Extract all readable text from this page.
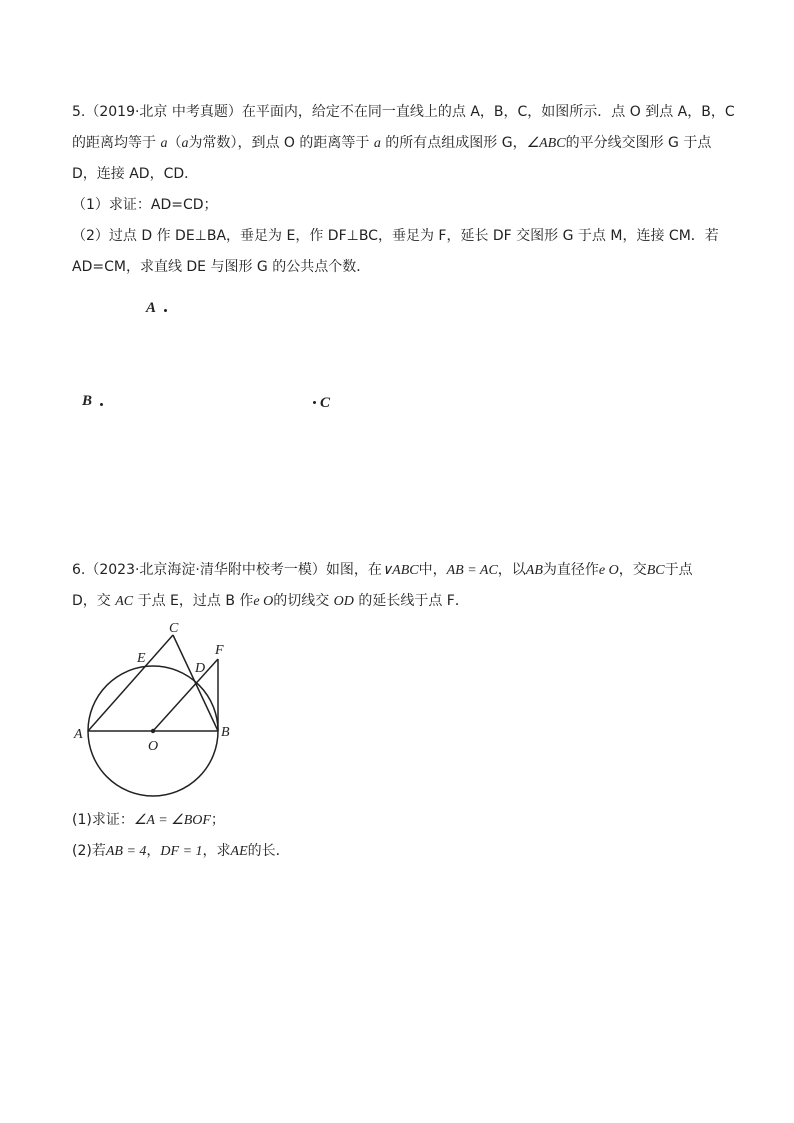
5.（2019·北京 中考真题）在平面内，给定不在同一直线上的点 A，B，C，如图所示．点 O 到点 A，B，C
的距离均等于 a（a为常数），到点 O 的距离等于 a 的所有点组成图形 G，∠ABC的平分线交图形 G 于点
D，连接 AD，CD．
（1）求证：AD=CD；
（2）过点 D 作 DE⊥BA，垂足为 E，作 DF⊥BC，垂足为 F，延长 DF 交图形 G 于点 M，连接 CM．若
AD=CM，求直线 DE 与图形 G 的公共点个数．
A
B	C
6.（2023·北京海淀·清华附中校考一模）如图，在∨ABC中，AB = AC，以AB为直径作e O，交BC于点
D，交 AC 于点 E，过点 B 作e O的切线交 OD 的延长线于点 F．
A	B
C
D
E
F
O
(1)求证：∠A = ∠BOF；
(2)若AB = 4，DF = 1，求AE的长．
